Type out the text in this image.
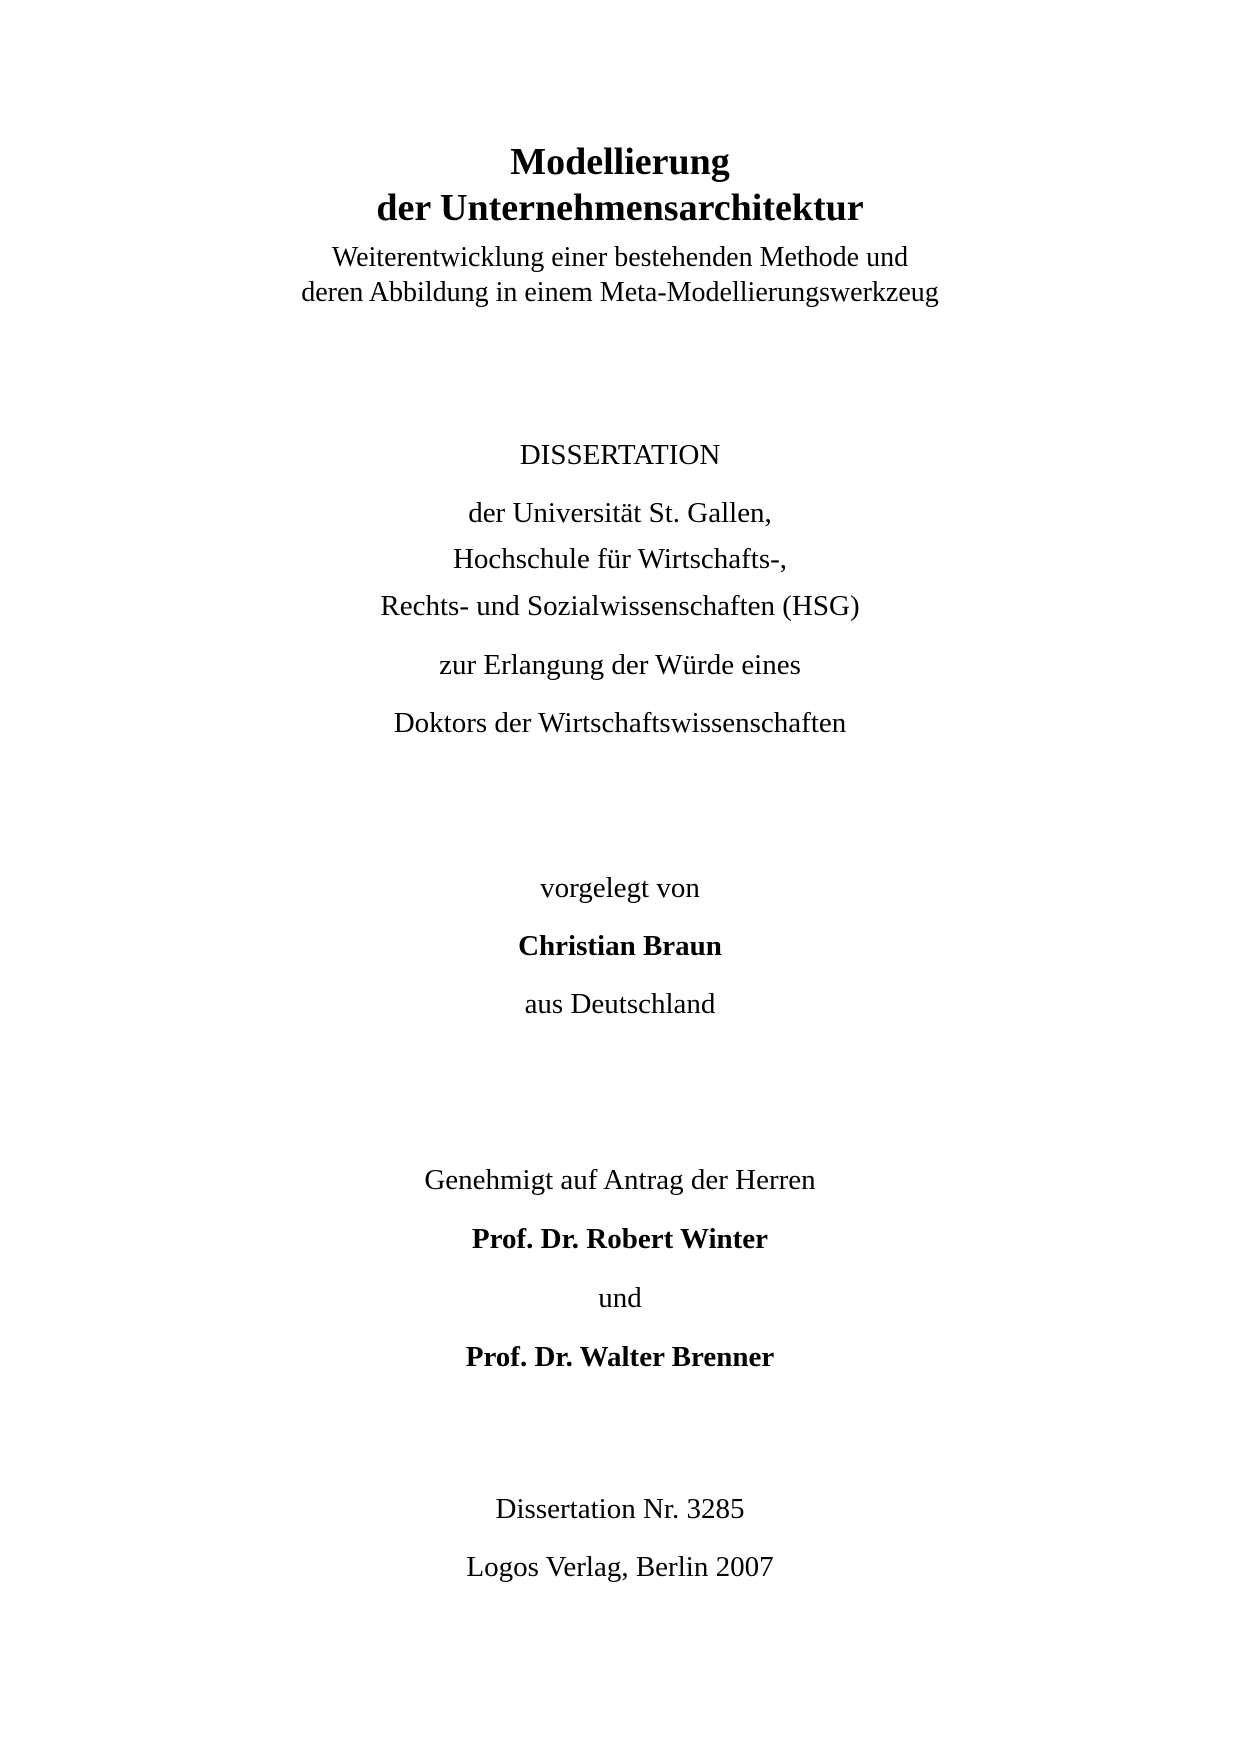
Modellierung
der Unternehmensarchitektur
Weiterentwicklung einer bestehenden Methode und
deren Abbildung in einem Meta-Modellierungswerkzeug
DISSERTATION
der Universität St. Gallen,
Hochschule für Wirtschafts-,
Rechts- und Sozialwissenschaften (HSG)
zur Erlangung der Würde eines
Doktors der Wirtschaftswissenschaften
vorgelegt von
Christian Braun
aus Deutschland
Genehmigt auf Antrag der Herren
Prof. Dr. Robert Winter
und
Prof. Dr. Walter Brenner
Dissertation Nr. 3285
Logos Verlag, Berlin 2007
